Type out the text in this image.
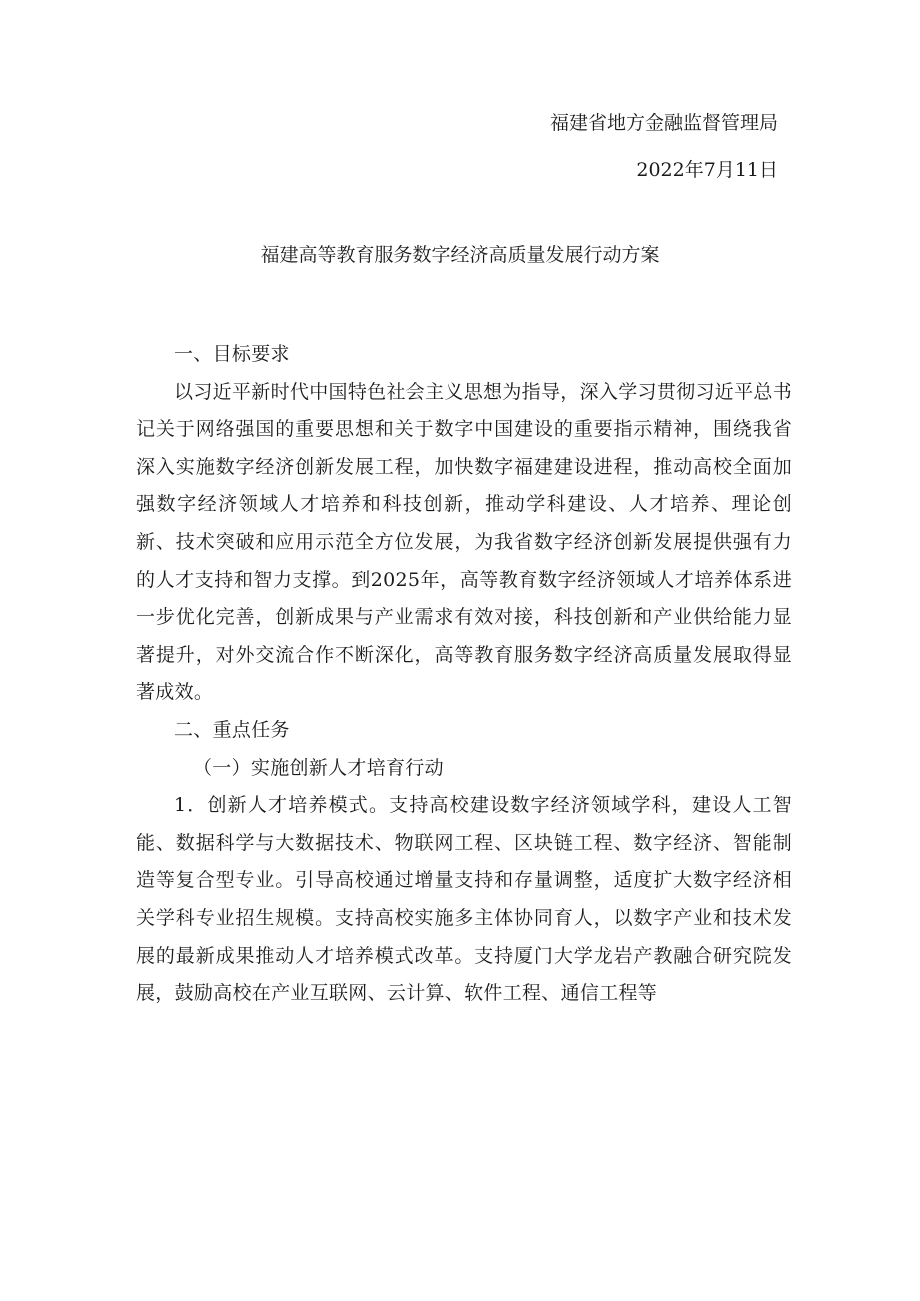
福建省地方金融监督管理局
2022年7月11日
福建高等教育服务数字经济高质量发展行动方案

一、目标要求

以习近平新时代中国特色社会主义思想为指导，深入学习贯彻习近平总书记关于网络强国的重要思想和关于数字中国建设的重要指示精神，围绕我省深入实施数字经济创新发展工程，加快数字福建建设进程，推动高校全面加强数字经济领域人才培养和科技创新，推动学科建设、人才培养、理论创新、技术突破和应用示范全方位发展，为我省数字经济创新发展提供强有力的人才支持和智力支撑。到2025年，高等教育数字经济领域人才培养体系进一步优化完善，创新成果与产业需求有效对接，科技创新和产业供给能力显著提升，对外交流合作不断深化，高等教育服务数字经济高质量发展取得显著成效。

二、重点任务

（一）实施创新人才培育行动

1．创新人才培养模式。支持高校建设数字经济领域学科，建设人工智能、数据科学与大数据技术、物联网工程、区块链工程、数字经济、智能制造等复合型专业。引导高校通过增量支持和存量调整，适度扩大数字经济相关学科专业招生规模。支持高校实施多主体协同育人，以数字产业和技术发展的最新成果推动人才培养模式改革。支持厦门大学龙岩产教融合研究院发展，鼓励高校在产业互联网、云计算、软件工程、通信工程等
